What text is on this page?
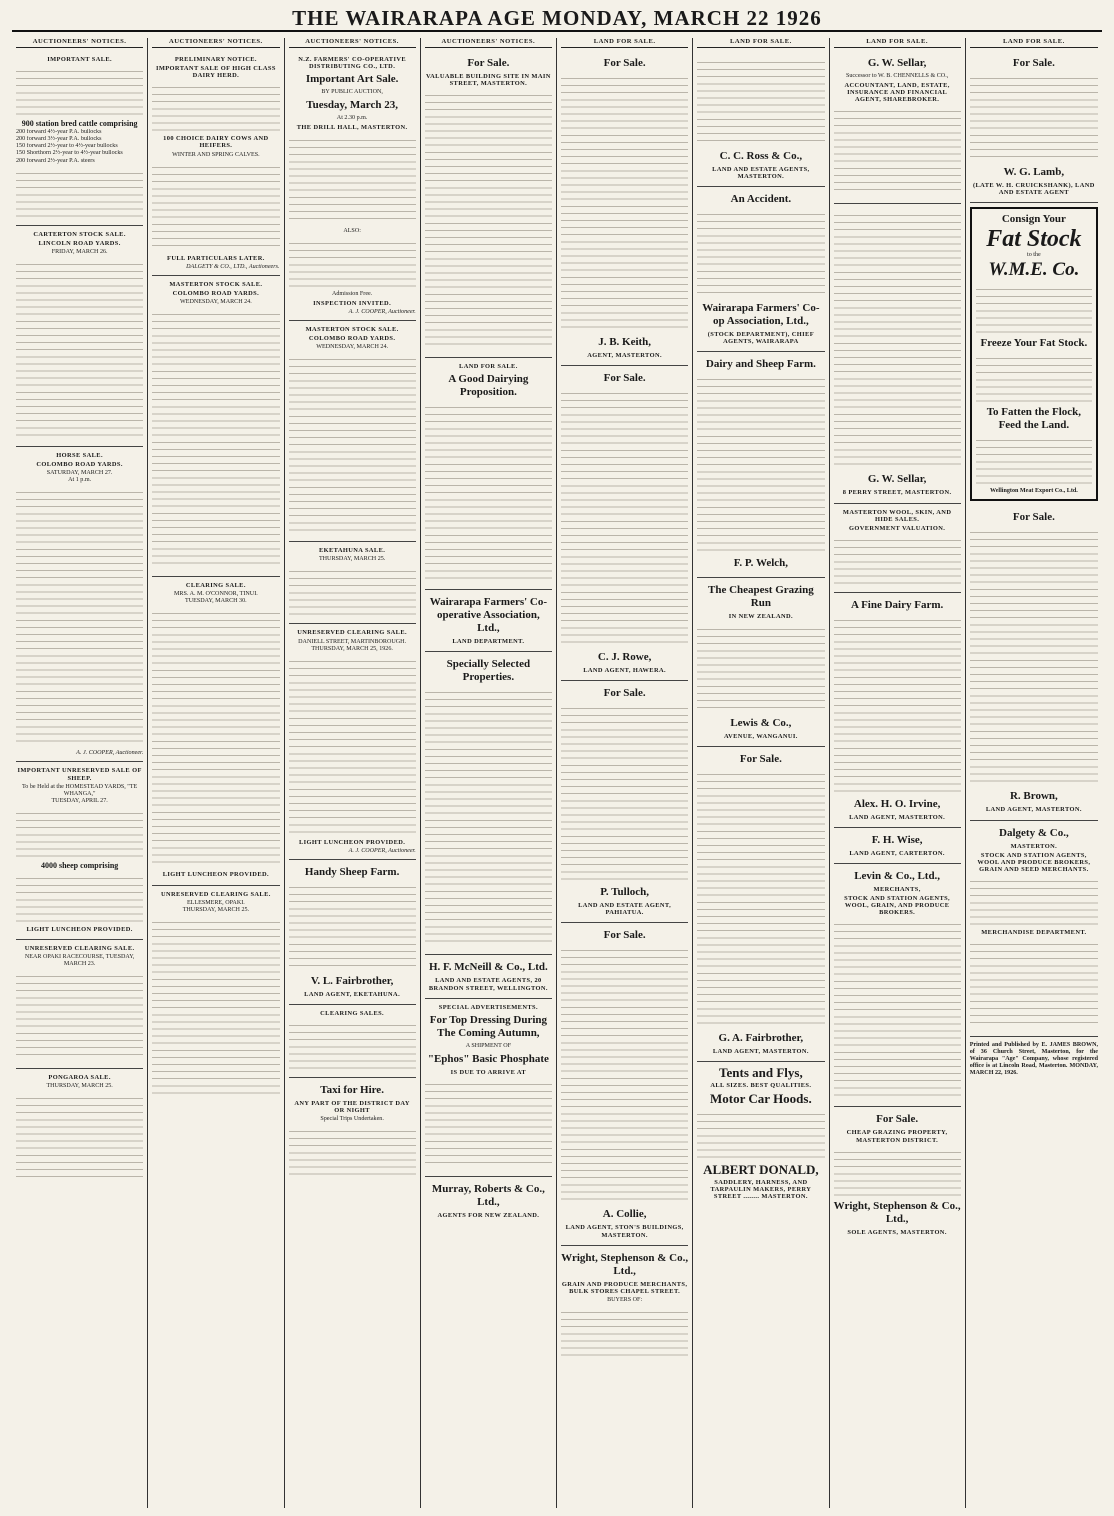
THE WAIRARAPA AGE MONDAY, MARCH 22 1926
AUCTIONEERS' NOTICES.
IMPORTANT SALE.
900 station bred cattle comprising
200 forward 4½-year P.A. bullocks
200 forward 3½-year P.A. bullocks
150 forward 2½-year to 4½-year bullocks
150 Shorthorn 2½-year to 4½-year bullocks
200 forward 2½-year P.A. steers
CARTERTON STOCK SALE.
LINCOLN ROAD YARDS.
FRIDAY, MARCH 26.
HORSE SALE.
COLOMBO ROAD YARDS.
SATURDAY, MARCH 27.
At 1 p.m.
A. J. COOPER, Auctioneer.
IMPORTANT UNRESERVED SALE OF SHEEP.
To be Held at the HOMESTEAD YARDS, "TE WHANGA,"
TUESDAY, APRIL 27.
4000 sheep comprising
LIGHT LUNCHEON PROVIDED.
UNRESERVED CLEARING SALE.
NEAR OPAKI RACECOURSE, TUESDAY, MARCH 23.
PONGAROA SALE.
THURSDAY, MARCH 25.
AUCTIONEERS' NOTICES.
PRELIMINARY NOTICE.
IMPORTANT SALE OF HIGH CLASS DAIRY HERD.
100 CHOICE DAIRY COWS AND HEIFERS.
WINTER AND SPRING CALVES.
FULL PARTICULARS LATER.
DALGETY & CO., LTD., Auctioneers.
MASTERTON STOCK SALE.
COLOMBO ROAD YARDS.
WEDNESDAY, MARCH 24.
CLEARING SALE.
MRS. A. M. O'CONNOR, TINUI.
TUESDAY, MARCH 30.
LIGHT LUNCHEON PROVIDED.
UNRESERVED CLEARING SALE.
ELLESMERE, OPAKI.
THURSDAY, MARCH 25.
AUCTIONEERS' NOTICES.
N.Z. FARMERS' CO-OPERATIVE DISTRIBUTING CO., LTD.
Important Art Sale.
BY PUBLIC AUCTION,
Tuesday, March 23,
At 2.30 p.m.
THE DRILL HALL, MASTERTON.
ALSO:
Admission Free.
INSPECTION INVITED.
A. J. COOPER, Auctioneer.
MASTERTON STOCK SALE.
COLOMBO ROAD YARDS.
WEDNESDAY, MARCH 24.
EKETAHUNA SALE.
THURSDAY, MARCH 25.
UNRESERVED CLEARING SALE.
DANIELL STREET, MARTINBOROUGH.
THURSDAY, MARCH 25, 1926.
LIGHT LUNCHEON PROVIDED.
A. J. COOPER, Auctioneer.
Handy Sheep Farm.
V. L. Fairbrother,
LAND AGENT, EKETAHUNA.
CLEARING SALES.
Taxi for Hire.
ANY PART OF THE DISTRICT DAY OR NIGHT
Special Trips Undertaken.
AUCTIONEERS' NOTICES.
For Sale.
VALUABLE BUILDING SITE IN MAIN STREET, MASTERTON.
LAND FOR SALE.
A Good Dairying Proposition.
Wairarapa Farmers' Co-operative Association, Ltd.,
LAND DEPARTMENT.
Specially Selected Properties.
H. F. McNeill & Co., Ltd.
LAND AND ESTATE AGENTS, 20 BRANDON STREET, WELLINGTON.
SPECIAL ADVERTISEMENTS.
For Top Dressing During The Coming Autumn,
A SHIPMENT OF
"Ephos" Basic Phosphate
IS DUE TO ARRIVE AT
Murray, Roberts & Co., Ltd.,
AGENTS FOR NEW ZEALAND.
LAND FOR SALE.
For Sale.
J. B. Keith,
AGENT, MASTERTON.
For Sale.
C. J. Rowe,
LAND AGENT, HAWERA.
For Sale.
P. Tulloch,
LAND AND ESTATE AGENT, PAHIATUA.
For Sale.
A. Collie,
LAND AGENT, STON'S BUILDINGS, MASTERTON.
Wright, Stephenson & Co., Ltd.,
GRAIN AND PRODUCE MERCHANTS, BULK STORES CHAPEL STREET.
BUYERS OF:
LAND FOR SALE.
C. C. Ross & Co.,
LAND AND ESTATE AGENTS, MASTERTON.
An Accident.
Wairarapa Farmers' Co-op Association, Ltd.,
(STOCK DEPARTMENT), CHIEF AGENTS, WAIRARAPA
Dairy and Sheep Farm.
F. P. Welch,
The Cheapest Grazing Run
IN NEW ZEALAND.
Lewis & Co.,
AVENUE, WANGANUI.
For Sale.
G. A. Fairbrother,
LAND AGENT, MASTERTON.
Tents and Flys,
ALL SIZES. BEST QUALITIES.
Motor Car Hoods.
ALBERT DONALD,
SADDLERY, HARNESS, AND TARPAULIN MAKERS, PERRY STREET ........ MASTERTON.
LAND FOR SALE.
G. W. Sellar,
Successor to W. B. CHENNELLS & CO.,
ACCOUNTANT, LAND, ESTATE, INSURANCE AND FINANCIAL AGENT, SHAREBROKER.
G. W. Sellar,
8 PERRY STREET, MASTERTON.
MASTERTON WOOL, SKIN, AND HIDE SALES.
GOVERNMENT VALUATION.
A Fine Dairy Farm.
Alex. H. O. Irvine,
LAND AGENT, MASTERTON.
F. H. Wise,
LAND AGENT, CARTERTON.
Levin & Co., Ltd.,
MERCHANTS,
STOCK AND STATION AGENTS, WOOL, GRAIN, AND PRODUCE BROKERS.
For Sale.
CHEAP GRAZING PROPERTY, MASTERTON DISTRICT.
Wright, Stephenson & Co., Ltd.,
SOLE AGENTS, MASTERTON.
LAND FOR SALE.
For Sale.
W. G. Lamb,
(LATE W. H. CRUICKSHANK), LAND AND ESTATE AGENT
Consign Your
Fat Stock
to the
W.M.E. Co.
Freeze Your Fat Stock.
To Fatten the Flock, Feed the Land.
Wellington Meat Export Co., Ltd.
For Sale.
R. Brown,
LAND AGENT, MASTERTON.
Dalgety & Co.,
MASTERTON.
STOCK AND STATION AGENTS, WOOL AND PRODUCE BROKERS, GRAIN AND SEED MERCHANTS.
MERCHANDISE DEPARTMENT.
Printed and Published by E. JAMES BROWN, of 36 Church Street, Masterton, for the Wairarapa "Age" Company, whose registered office is at Lincoln Road, Masterton. MONDAY, MARCH 22, 1926.
